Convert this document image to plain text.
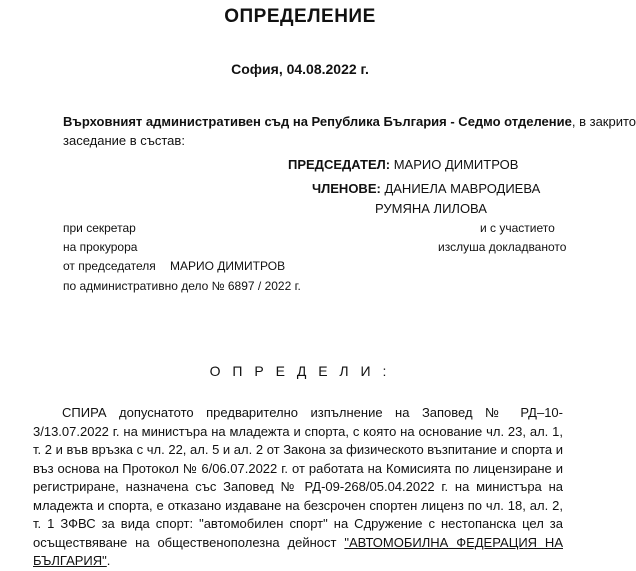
ОПРЕДЕЛЕНИЕ
София, 04.08.2022 г.
Върховният административен съд на Република България - Седмо отделение, в закрито
заседание в състав:
ПРЕДСЕДАТЕЛ: МАРИО ДИМИТРОВ
ЧЛЕНОВЕ: ДАНИЕЛА МАВРОДИЕВА
РУМЯНА ЛИЛОВА
при секретар	и с участието
на прокурора	изслуша докладваното
от председателя МАРИО ДИМИТРОВ
по административно дело № 6897 / 2022 г.
О П Р Е Д Е Л И :
СПИРА допуснатото предварително изпълнение на Заповед № РД–10-3/13.07.2022 г. на министъра на младежта и спорта, с която на основание чл. 23, ал. 1, т. 2 и във връзка с чл. 22, ал. 5 и ал. 2 от Закона за физическото възпитание и спорта и въз основа на Протокол № 6/06.07.2022 г. от работата на Комисията по лицензиране и регистриране, назначена със Заповед № РД-09-268/05.04.2022 г. на министъра на младежта и спорта, е отказано издаване на безсрочен спортен лиценз по чл. 18, ал. 2, т. 1 ЗФВС за вида спорт: "автомобилен спорт" на Сдружение с нестопанска цел за осъществяване на общественополезна дейност "АВТОМОБИЛНА ФЕДЕРАЦИЯ НА БЪЛГАРИЯ".
